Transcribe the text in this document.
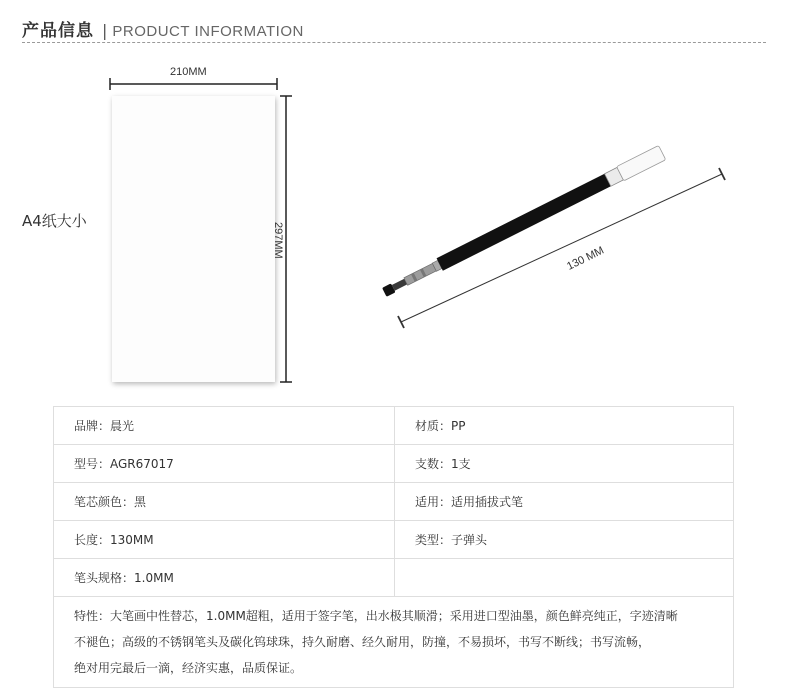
产品信息 | PRODUCT INFORMATION
A4纸大小
210MM
297MM	130 MM
品牌：晨光	材质：PP
型号：AGR67017	支数：1支
笔芯颜色：黑	适用：适用插拔式笔
长度：130MM	类型：子弹头
笔头规格：1.0MM	

特性：大笔画中性替芯，1.0MM超粗，适用于签字笔，出水极其顺滑；采用进口型油墨，颜色鲜亮纯正，字迹清晰
不褪色；高级的不锈钢笔头及碳化钨球珠，持久耐磨、经久耐用，防撞，不易损坏，书写不断线；书写流畅，
绝对用完最后一滴，经济实惠，品质保证。	
